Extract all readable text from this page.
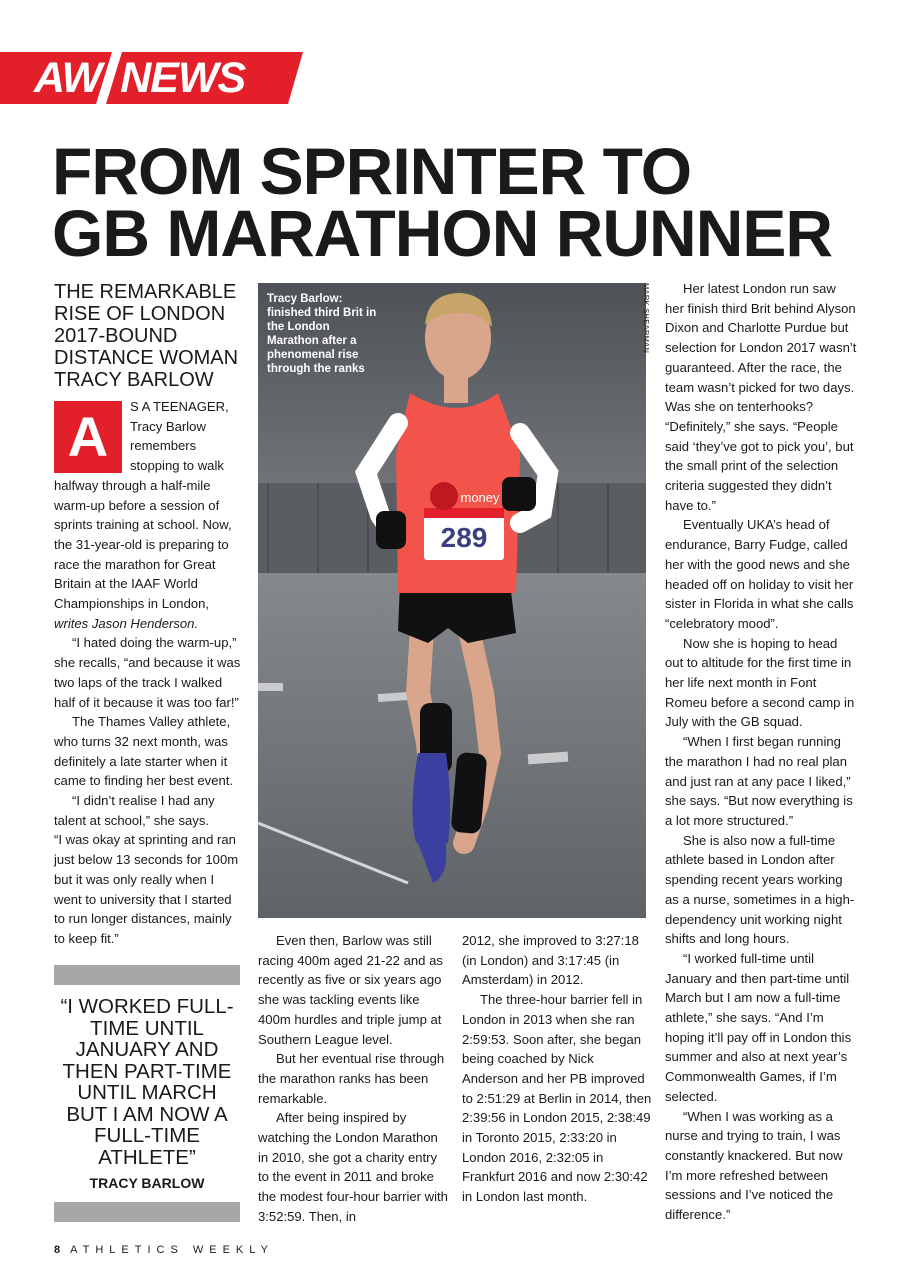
AW NEWS
FROM SPRINTER TO
GB MARATHON RUNNER
THE REMARKABLE RISE OF LONDON 2017-BOUND DISTANCE WOMAN TRACY BARLOW
A	S A TEENAGER, Tracy Barlow remembers stopping to walk halfway through a half-mile warm-up before a session of sprints training at school. Now, the 31-year-old is preparing to race the marathon for Great Britain at the IAAF World Championships in London, writes Jason Henderson.

“I hated doing the warm-up,” she recalls, “and because it was two laps of the track I walked half of it because it was too far!”

The Thames Valley athlete, who turns 32 next month, was definitely a late starter when it came to finding her best event.

“I didn’t realise I had any talent at school,” she says.

“I was okay at sprinting and ran just below 13 seconds for 100m but it was only really when I went to university that I started to run longer distances, mainly to keep fit.”

289
money
Tracy Barlow: finished third Brit in the London Marathon after a phenomenal rise through the ranks
MARK SHEARMAN
“I WORKED FULL-TIME UNTIL JANUARY AND THEN PART-TIME UNTIL MARCH BUT I AM NOW A FULL-TIME ATHLETE”
TRACY BARLOW

Even then, Barlow was still racing 400m aged 21-22 and as recently as five or six years ago she was tackling events like 400m hurdles and triple jump at Southern League level.

But her eventual rise through the marathon ranks has been remarkable.

After being inspired by watching the London Marathon in 2010, she got a charity entry to the event in 2011 and broke the modest four-hour barrier with 3:52:59. Then, in

2012, she improved to 3:27:18 (in London) and 3:17:45 (in Amsterdam) in 2012.

The three-hour barrier fell in London in 2013 when she ran 2:59:53. Soon after, she began being coached by Nick Anderson and her PB improved to 2:51:29 at Berlin in 2014, then 2:39:56 in London 2015, 2:38:49 in Toronto 2015, 2:33:20 in London 2016, 2:32:05 in Frankfurt 2016 and now 2:30:42 in London last month.

Her latest London run saw her finish third Brit behind Alyson Dixon and Charlotte Purdue but selection for London 2017 wasn’t guaranteed. After the race, the team wasn’t picked for two days. Was she on tenterhooks? “Definitely,” she says. “People said ‘they’ve got to pick you’, but the small print of the selection criteria suggested they didn’t have to.”

Eventually UKA’s head of endurance, Barry Fudge, called her with the good news and she headed off on holiday to visit her sister in Florida in what she calls “celebratory mood”.

Now she is hoping to head out to altitude for the first time in her life next month in Font Romeu before a second camp in July with the GB squad.

“When I first began running the marathon I had no real plan and just ran at any pace I liked,” she says. “But now everything is a lot more structured.”

She is also now a full-time athlete based in London after spending recent years working as a nurse, sometimes in a high-dependency unit working night shifts and long hours.

“I worked full-time until January and then part-time until March but I am now a full-time athlete,” she says. “And I’m hoping it’ll pay off in London this summer and also at next year’s Commonwealth Games, if I’m selected.

“When I was working as a nurse and trying to train, I was constantly knackered. But now I’m more refreshed between sessions and I’ve noticed the difference.”

8 ATHLETICS WEEKLY
